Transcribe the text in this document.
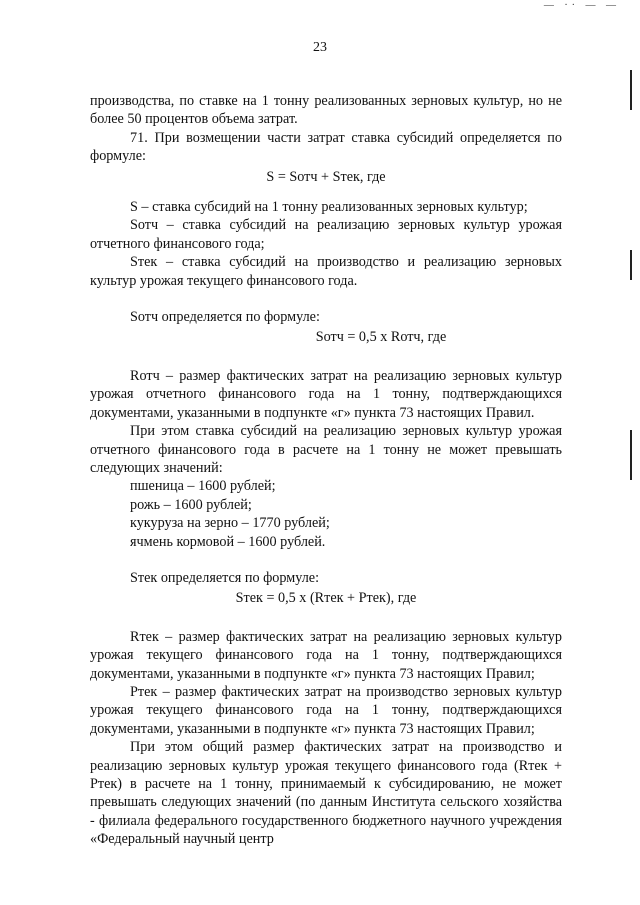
— ·· — —
23

производства, по ставке на 1 тонну реализованных зерновых культур, но не более 50 процентов объема затрат.

71. При возмещении части затрат ставка субсидий определяется по формуле:

S = Sотч + Sтек, где

S – ставка субсидий на 1 тонну реализованных зерновых культур;

Sотч – ставка субсидий на реализацию зерновых культур урожая отчетного финансового года;

Sтек – ставка субсидий на производство и реализацию зерновых культур урожая текущего финансового года.

Sотч определяется по формуле:

Sотч = 0,5 х Rотч, где

Rотч – размер фактических затрат на реализацию зерновых культур урожая отчетного финансового года на 1 тонну, подтверждающихся документами, указанными в подпункте «г» пункта 73 настоящих Правил.

При этом ставка субсидий на реализацию зерновых культур урожая отчетного финансового года в расчете на 1 тонну не может превышать следующих значений:

пшеница – 1600 рублей;
рожь – 1600 рублей;
кукуруза на зерно – 1770 рублей;
ячмень кормовой – 1600 рублей.

Sтек определяется по формуле:

Sтек = 0,5 х (Rтек + Pтек), где

Rтек – размер фактических затрат на реализацию зерновых культур урожая текущего финансового года на 1 тонну, подтверждающихся документами, указанными в подпункте «г» пункта 73 настоящих Правил;

Pтек – размер фактических затрат на производство зерновых культур урожая текущего финансового года на 1 тонну, подтверждающихся документами, указанными в подпункте «г» пункта 73 настоящих Правил;

При этом общий размер фактических затрат на производство и реализацию зерновых культур урожая текущего финансового года (Rтек + Pтек) в расчете на 1 тонну, принимаемый к субсидированию, не может превышать следующих значений (по данным Института сельского хозяйства - филиала федерального государственного бюджетного научного учреждения «Федеральный научный центр
